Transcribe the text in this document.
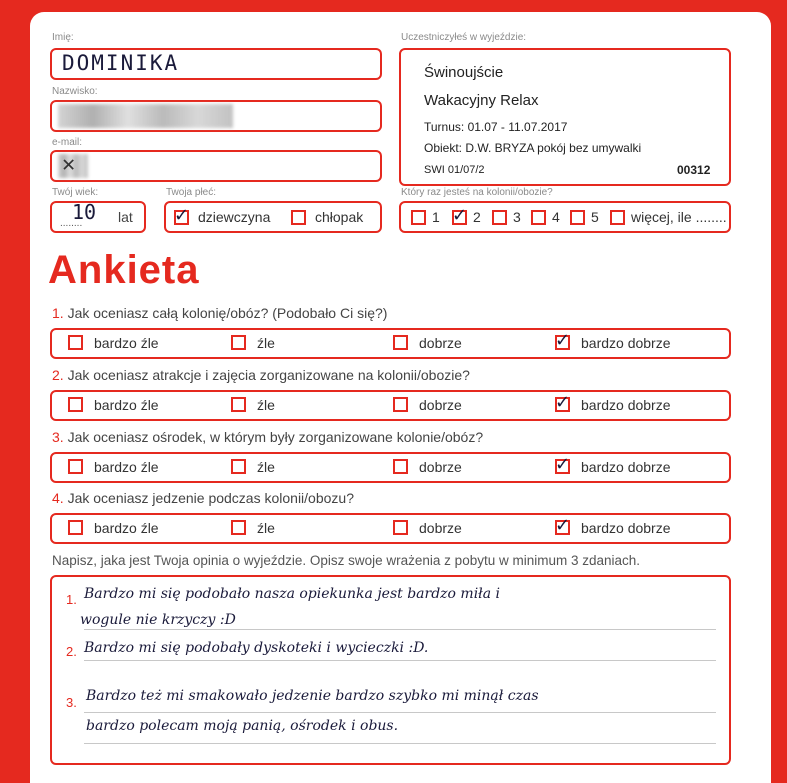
Imię:
DOMINIKA
Nazwisko:
e-mail:
✕
Twój wiek:
........
10 lat
Twoja płeć:
✓ dziewczyna	chłopak
Uczestniczyłeś w wyjeździe:
Świnoujście
Wakacyjny Relax
Turnus: 01.07 - 11.07.2017
Obiekt: D.W. BRYZA pokój bez umywalki
SWI 01/07/2	00312
Który raz jesteś na kolonii/obozie?
1 ✓ 2 3 4 5 więcej, ile ........
Ankieta
1. Jak oceniasz całą kolonię/obóz? (Podobało Ci się?)
bardzo źle	źle	dobrze	✓ bardzo dobrze
2. Jak oceniasz atrakcje i zajęcia zorganizowane na kolonii/obozie?
bardzo źle	źle	dobrze	✓ bardzo dobrze
3. Jak oceniasz ośrodek, w którym były zorganizowane kolonie/obóz?
bardzo źle	źle	dobrze	✓ bardzo dobrze
4. Jak oceniasz jedzenie podczas kolonii/obozu?
bardzo źle	źle	dobrze	✓ bardzo dobrze
Napisz, jaka jest Twoja opinia o wyjeździe. Opisz swoje wrażenia z pobytu w minimum 3 zdaniach.
1. Bardzo mi się podobało nasza opiekunka jest bardzo miła i
wogule nie krzyczy :D
2. Bardzo mi się podobały dyskoteki i wycieczki :D.
3. Bardzo też mi smakowało jedzenie bardzo szybko mi minął czas
bardzo polecam moją panią, ośrodek i obus.
